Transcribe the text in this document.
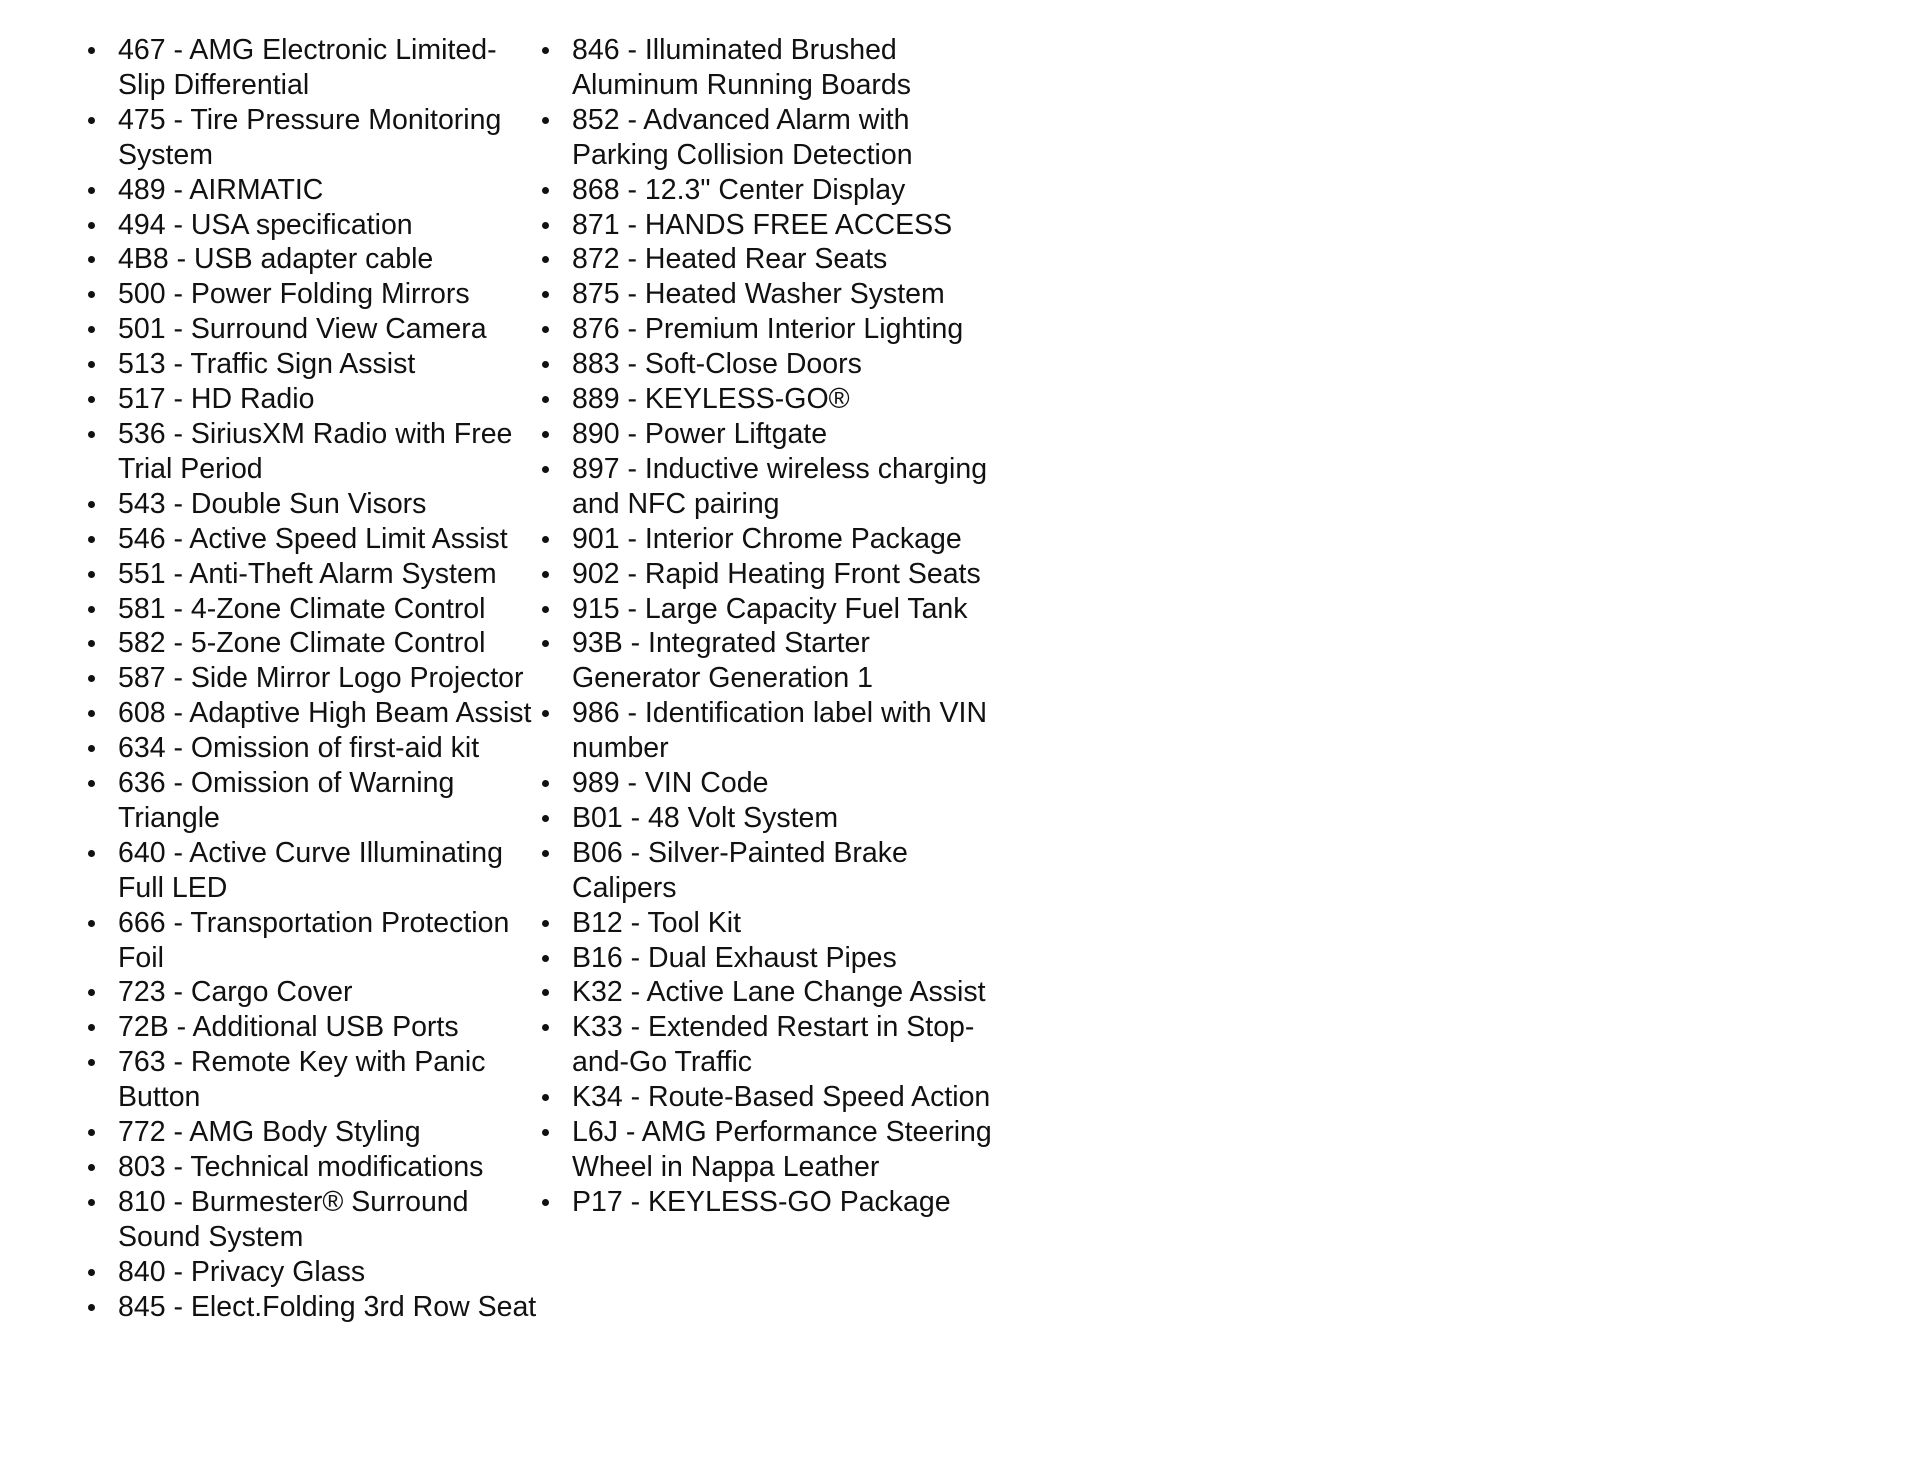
467 - AMG Electronic Limited-Slip Differential
475 - Tire Pressure Monitoring System
489 - AIRMATIC
494 - USA specification
4B8 - USB adapter cable
500 - Power Folding Mirrors
501 - Surround View Camera
513 - Traffic Sign Assist
517 - HD Radio
536 - SiriusXM Radio with Free Trial Period
543 - Double Sun Visors
546 - Active Speed Limit Assist
551 - Anti-Theft Alarm System
581 - 4-Zone Climate Control
582 - 5-Zone Climate Control
587 - Side Mirror Logo Projector
608 - Adaptive High Beam Assist
634 - Omission of first-aid kit
636 - Omission of Warning Triangle
640 - Active Curve Illuminating Full LED
666 - Transportation Protection Foil
723 - Cargo Cover
72B - Additional USB Ports
763 - Remote Key with Panic Button
772 - AMG Body Styling
803 - Technical modifications
810 - Burmester® Surround Sound System
840 - Privacy Glass
845 - Elect.Folding 3rd Row Seat
846 - Illuminated Brushed Aluminum Running Boards
852 - Advanced Alarm with Parking Collision Detection
868 - 12.3" Center Display
871 - HANDS FREE ACCESS
872 - Heated Rear Seats
875 - Heated Washer System
876 - Premium Interior Lighting
883 - Soft-Close Doors
889 - KEYLESS-GO®
890 - Power Liftgate
897 - Inductive wireless charging and NFC pairing
901 - Interior Chrome Package
902 - Rapid Heating Front Seats
915 - Large Capacity Fuel Tank
93B - Integrated Starter Generator Generation 1
986 - Identification label with VIN number
989 - VIN Code
B01 - 48 Volt System
B06 - Silver-Painted Brake Calipers
B12 - Tool Kit
B16 - Dual Exhaust Pipes
K32 - Active Lane Change Assist
K33 - Extended Restart in Stop-and-Go Traffic
K34 - Route-Based Speed Action
L6J - AMG Performance Steering Wheel in Nappa Leather
P17 - KEYLESS-GO Package
